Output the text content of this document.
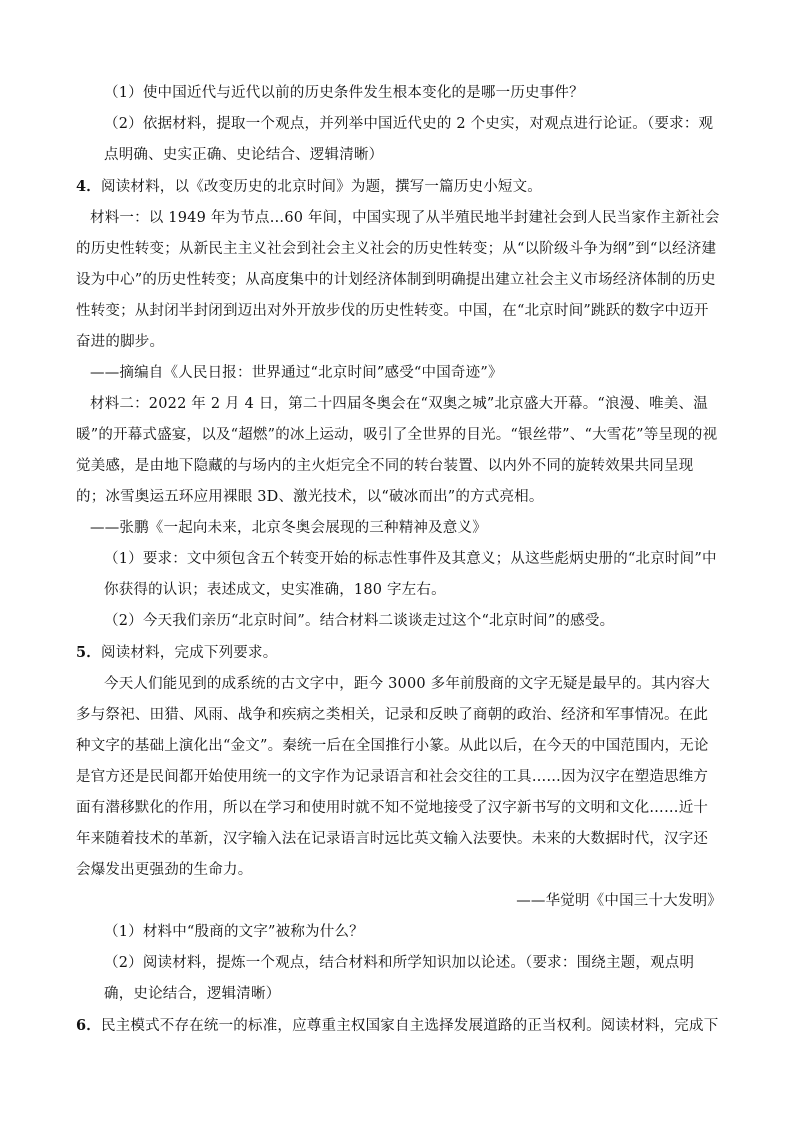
（1）使中国近代与近代以前的历史条件发生根本变化的是哪一历史事件？
（2）依据材料，提取一个观点，并列举中国近代史的 2 个史实，对观点进行论证。（要求：观点明确、史实正确、史论结合、逻辑清晰）
4．阅读材料，以《改变历史的北京时间》为题，撰写一篇历史小短文。
材料一：以 1949 年为节点…60 年间，中国实现了从半殖民地半封建社会到人民当家作主新社会的历史性转变；从新民主主义社会到社会主义社会的历史性转变；从“以阶级斗争为纲”到“以经济建设为中心”的历史性转变；从高度集中的计划经济体制到明确提出建立社会主义市场经济体制的历史性转变；从封闭半封闭到迈出对外开放步伐的历史性转变。中国，在“北京时间”跳跃的数字中迈开奋进的脚步。
——摘编自《人民日报：世界通过“北京时间”感受“中国奇迹”》
材料二：2022 年 2 月 4 日，第二十四届冬奥会在“双奥之城”北京盛大开幕。“浪漫、唯美、温暖”的开幕式盛宴，以及“超燃”的冰上运动，吸引了全世界的目光。“银丝带”、“大雪花”等呈现的视觉美感，是由地下隐藏的与场内的主火炬完全不同的转台装置、以内外不同的旋转效果共同呈现的；冰雪奥运五环应用裸眼 3D、激光技术，以“破冰而出”的方式亮相。
——张鹏《一起向未来，北京冬奥会展现的三种精神及意义》
（1）要求：文中须包含五个转变开始的标志性事件及其意义；从这些彪炳史册的“北京时间”中你获得的认识；表述成文，史实准确，180 字左右。
（2）今天我们亲历“北京时间”。结合材料二谈谈走过这个“北京时间”的感受。
5．阅读材料，完成下列要求。
今天人们能见到的成系统的古文字中，距今 3000 多年前殷商的文字无疑是最早的。其内容大多与祭祀、田猎、风雨、战争和疾病之类相关，记录和反映了商朝的政治、经济和军事情况。在此种文字的基础上演化出“金文”。秦统一后在全国推行小篆。从此以后，在今天的中国范围内，无论是官方还是民间都开始使用统一的文字作为记录语言和社会交往的工具……因为汉字在塑造思维方面有潜移默化的作用，所以在学习和使用时就不知不觉地接受了汉字新书写的文明和文化……近十年来随着技术的革新，汉字输入法在记录语言时远比英文输入法要快。未来的大数据时代，汉字还会爆发出更强劲的生命力。
——华觉明《中国三十大发明》
（1）材料中“殷商的文字”被称为什么？
（2）阅读材料，提炼一个观点，结合材料和所学知识加以论述。（要求：围绕主题，观点明确，史论结合，逻辑清晰）
6．民主模式不存在统一的标准，应尊重主权国家自主选择发展道路的正当权利。阅读材料，完成下
